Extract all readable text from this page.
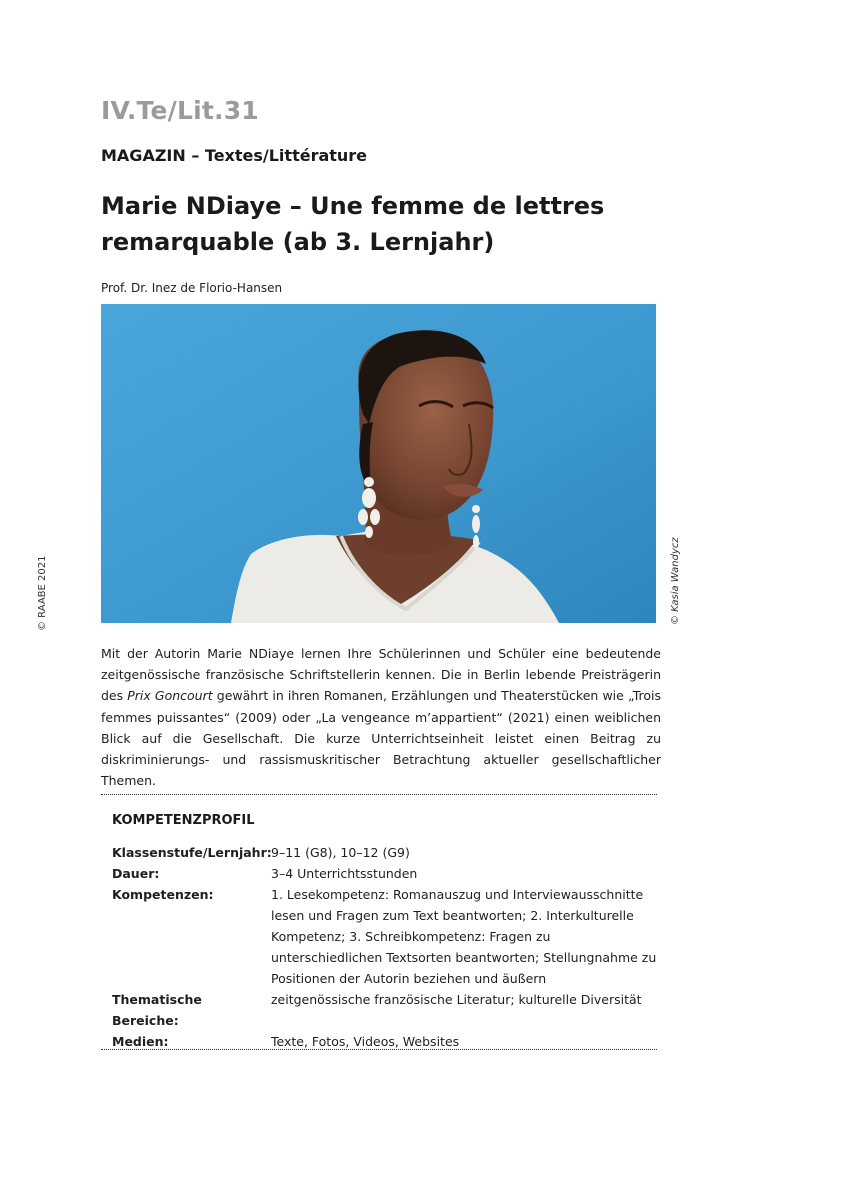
IV.Te/Lit.31
MAGAZIN – Textes/Littérature
Marie NDiaye – Une femme de lettres
remarquable (ab 3. Lernjahr)
Prof. Dr. Inez de Florio-Hansen
© Kasia Wandycz
© RAABE 2021

Mit der Autorin Marie NDiaye lernen Ihre Schülerinnen und Schüler eine bedeutende zeitgenössische französische Schriftstellerin kennen. Die in Berlin lebende Preisträgerin des Prix Goncourt gewährt in ihren Romanen, Erzählungen und Theaterstücken wie „Trois femmes puissantes“ (2009) oder „La vengeance m’appartient“ (2021) einen weiblichen Blick auf die Gesellschaft. Die kurze Unterrichtseinheit leistet einen Beitrag zu diskriminierungs- und rassismuskritischer Betrachtung aktueller gesellschaftlicher Themen.

KOMPETENZPROFIL
Klassenstufe/Lernjahr: 9–11 (G8), 10–12 (G9)
Dauer:	3–4 Unterrichtsstunden
Kompetenzen:	1. Lesekompetenz: Romanauszug und Interviewausschnitte lesen und Fragen zum Text beantworten; 2. Interkulturelle Kompetenz; 3. Schreibkompetenz: Fragen zu unterschiedlichen Textsorten beantworten; Stellungnahme zu Positionen der Autorin beziehen und äußern
Thematische Bereiche:
zeitgenössische französische Literatur; kulturelle Diversität
Medien:	Texte, Fotos, Videos, Websites
